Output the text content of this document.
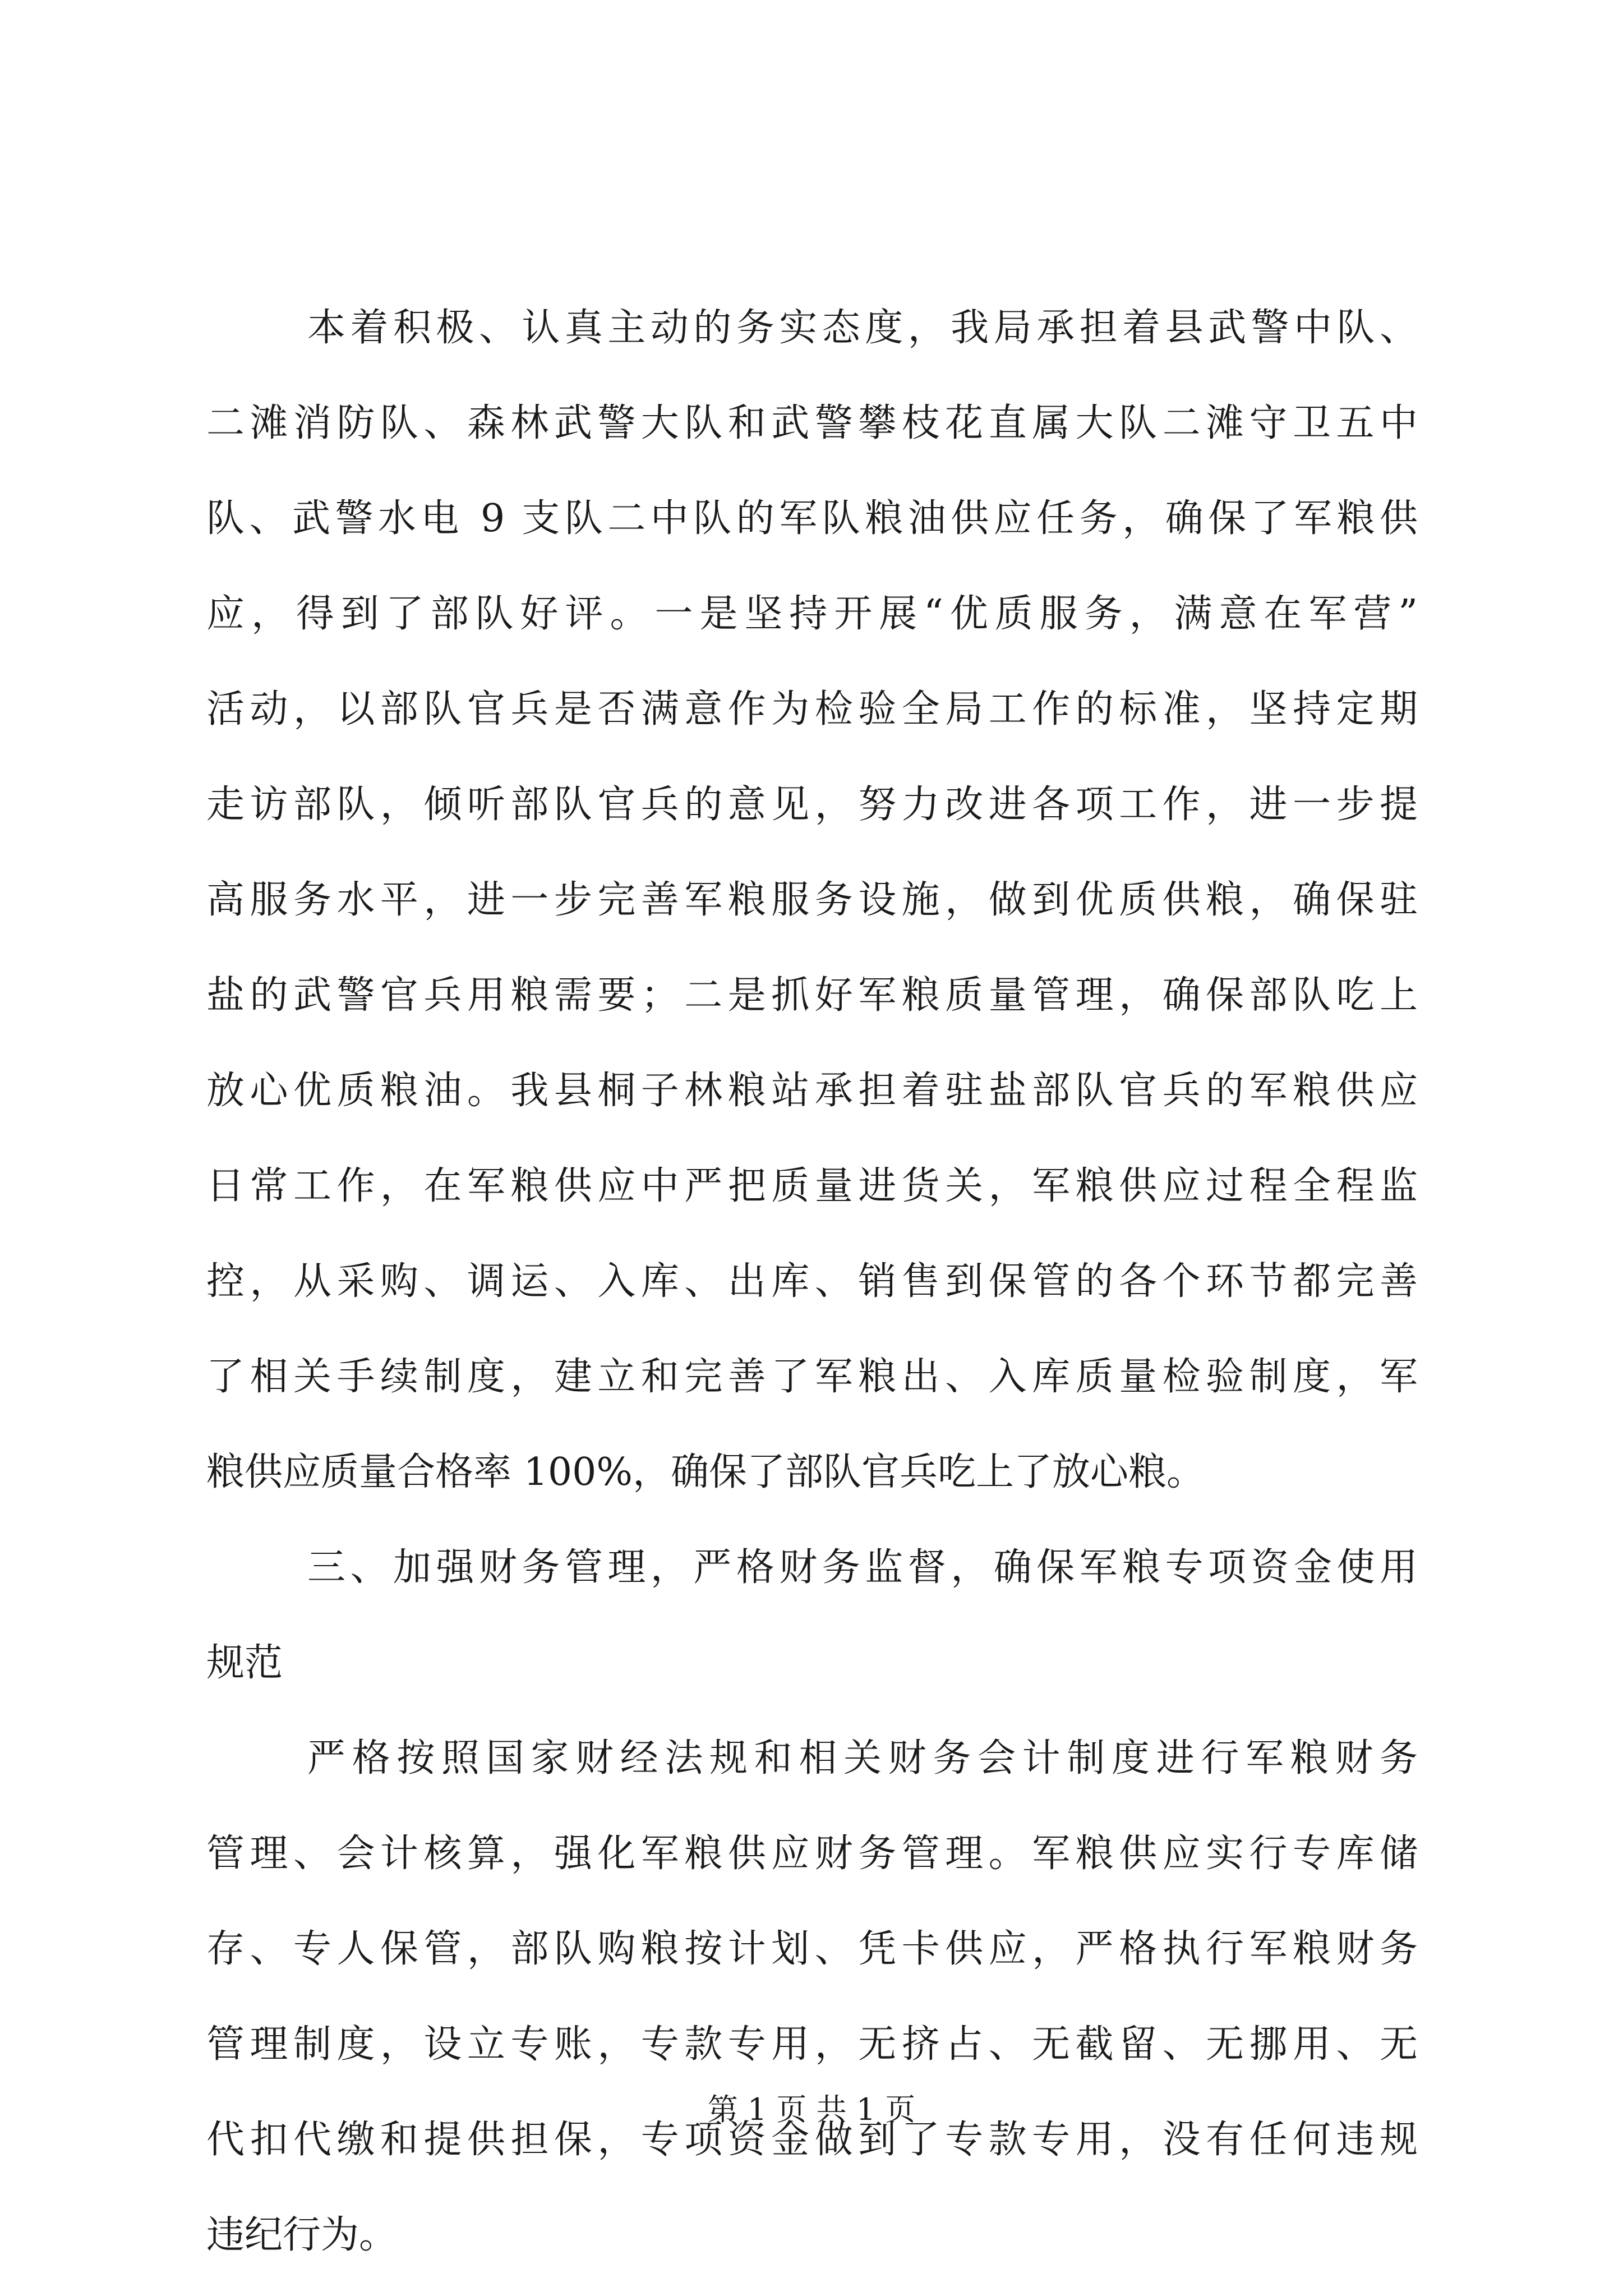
本着积极、认真主动的务实态度，我局承担着县武警中队、
二滩消防队、森林武警大队和武警攀枝花直属大队二滩守卫五中
队、武警水电 9 支队二中队的军队粮油供应任务，确保了军粮供
应，得到了部队好评。一是坚持开展“优质服务，满意在军营”
活动，以部队官兵是否满意作为检验全局工作的标准，坚持定期
走访部队，倾听部队官兵的意见，努力改进各项工作，进一步提
高服务水平，进一步完善军粮服务设施，做到优质供粮，确保驻
盐的武警官兵用粮需要；二是抓好军粮质量管理，确保部队吃上
放心优质粮油。我县桐子林粮站承担着驻盐部队官兵的军粮供应
日常工作，在军粮供应中严把质量进货关，军粮供应过程全程监
控，从采购、调运、入库、出库、销售到保管的各个环节都完善
了相关手续制度，建立和完善了军粮出、入库质量检验制度，军
粮供应质量合格率 100%，确保了部队官兵吃上了放心粮。
三、加强财务管理，严格财务监督，确保军粮专项资金使用
规范
严格按照国家财经法规和相关财务会计制度进行军粮财务
管理、会计核算，强化军粮供应财务管理。军粮供应实行专库储
存、专人保管，部队购粮按计划、凭卡供应，严格执行军粮财务
管理制度，设立专账，专款专用，无挤占、无截留、无挪用、无
代扣代缴和提供担保，专项资金做到了专款专用，没有任何违规
违纪行为。
第 1 页 共 1 页
